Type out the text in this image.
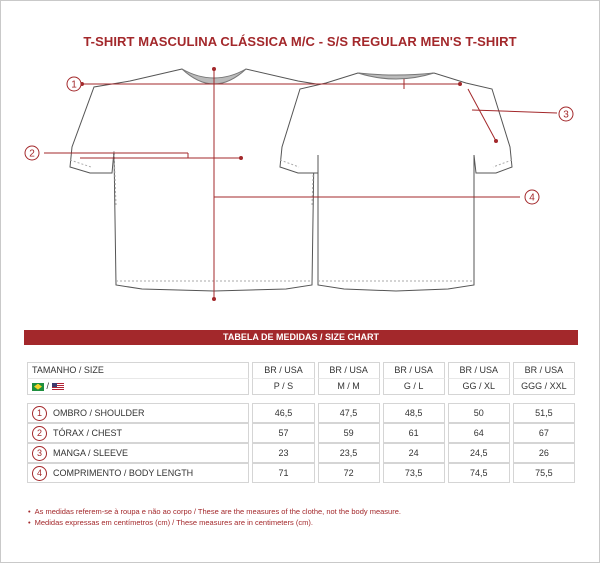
T-SHIRT MASCULINA CLÁSSICA M/C - S/S REGULAR MEN'S T-SHIRT
1
2
3
4
TABELA DE MEDIDAS / SIZE CHART
TAMANHO / SIZE	BR / USA	BR / USA	BR / USA	BR / USA	BR / USA

/	P / S	M / M	G / L	GG / XL	GGG / XXL

1 OMBRO / SHOULDER	46,5	47,5	48,5	50	51,5

2 TÓRAX / CHEST	57	59	61	64	67

3 MANGA / SLEEVE	23	23,5	24	24,5	26

4 COMPRIMENTO / BODY LENGTH	71	72	73,5	74,5	75,5
• As medidas referem-se à roupa e não ao corpo / These are the measures of the clothe, not the body measure.
• Medidas expressas em centímetros (cm) / These measures are in centimeters (cm).
